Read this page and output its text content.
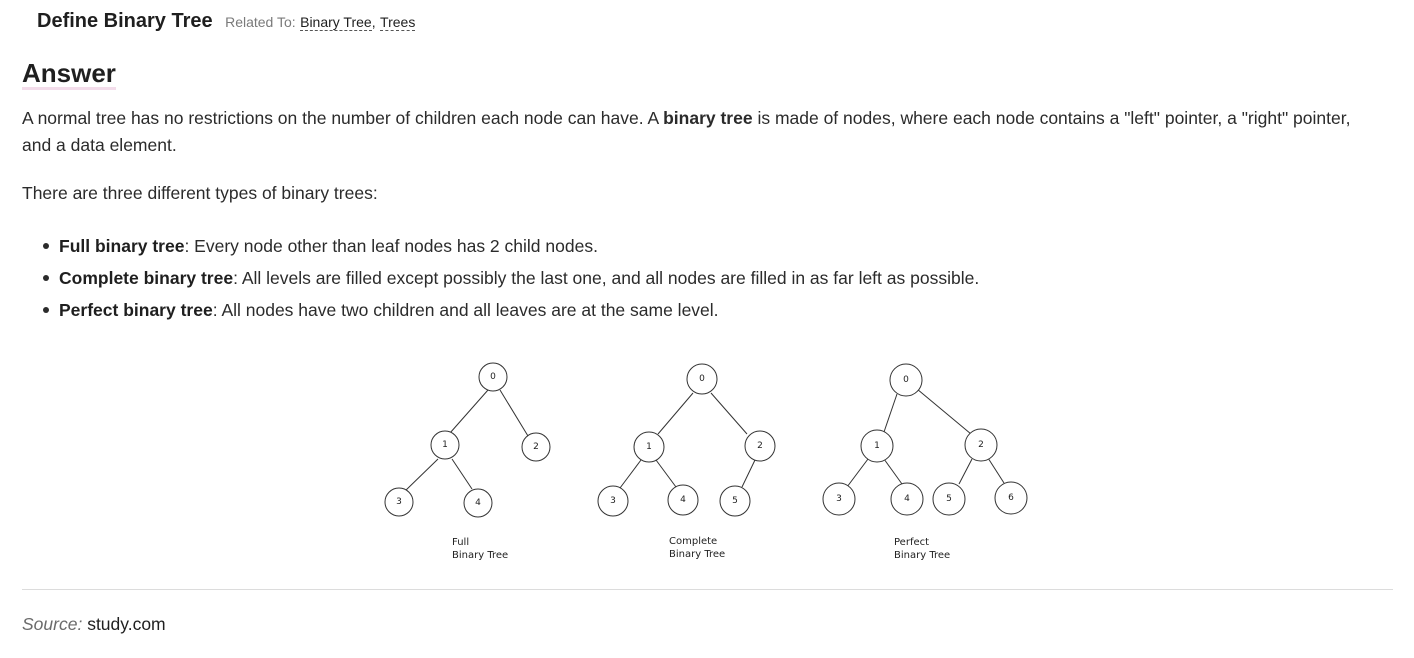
Define Binary Tree Related To: Binary Tree, Trees
Answer

A normal tree has no restrictions on the number of children each node can have. A binary tree is made of nodes, where each node contains a "left" pointer, a "right" pointer, and a data element.

There are three different types of binary trees:

Full binary tree: Every node other than leaf nodes has 2 child nodes.
Complete binary tree: All levels are filled except possibly the last one, and all nodes are filled in as far left as possible.
Perfect binary tree: All nodes have two children and all leaves are at the same level.
0
1	2
3	4
0
1	2
3	4	5
0
1	2
3	4	5	6
Full
Binary Tree
Complete
Binary Tree
Perfect
Binary Tree
Source: study.com
